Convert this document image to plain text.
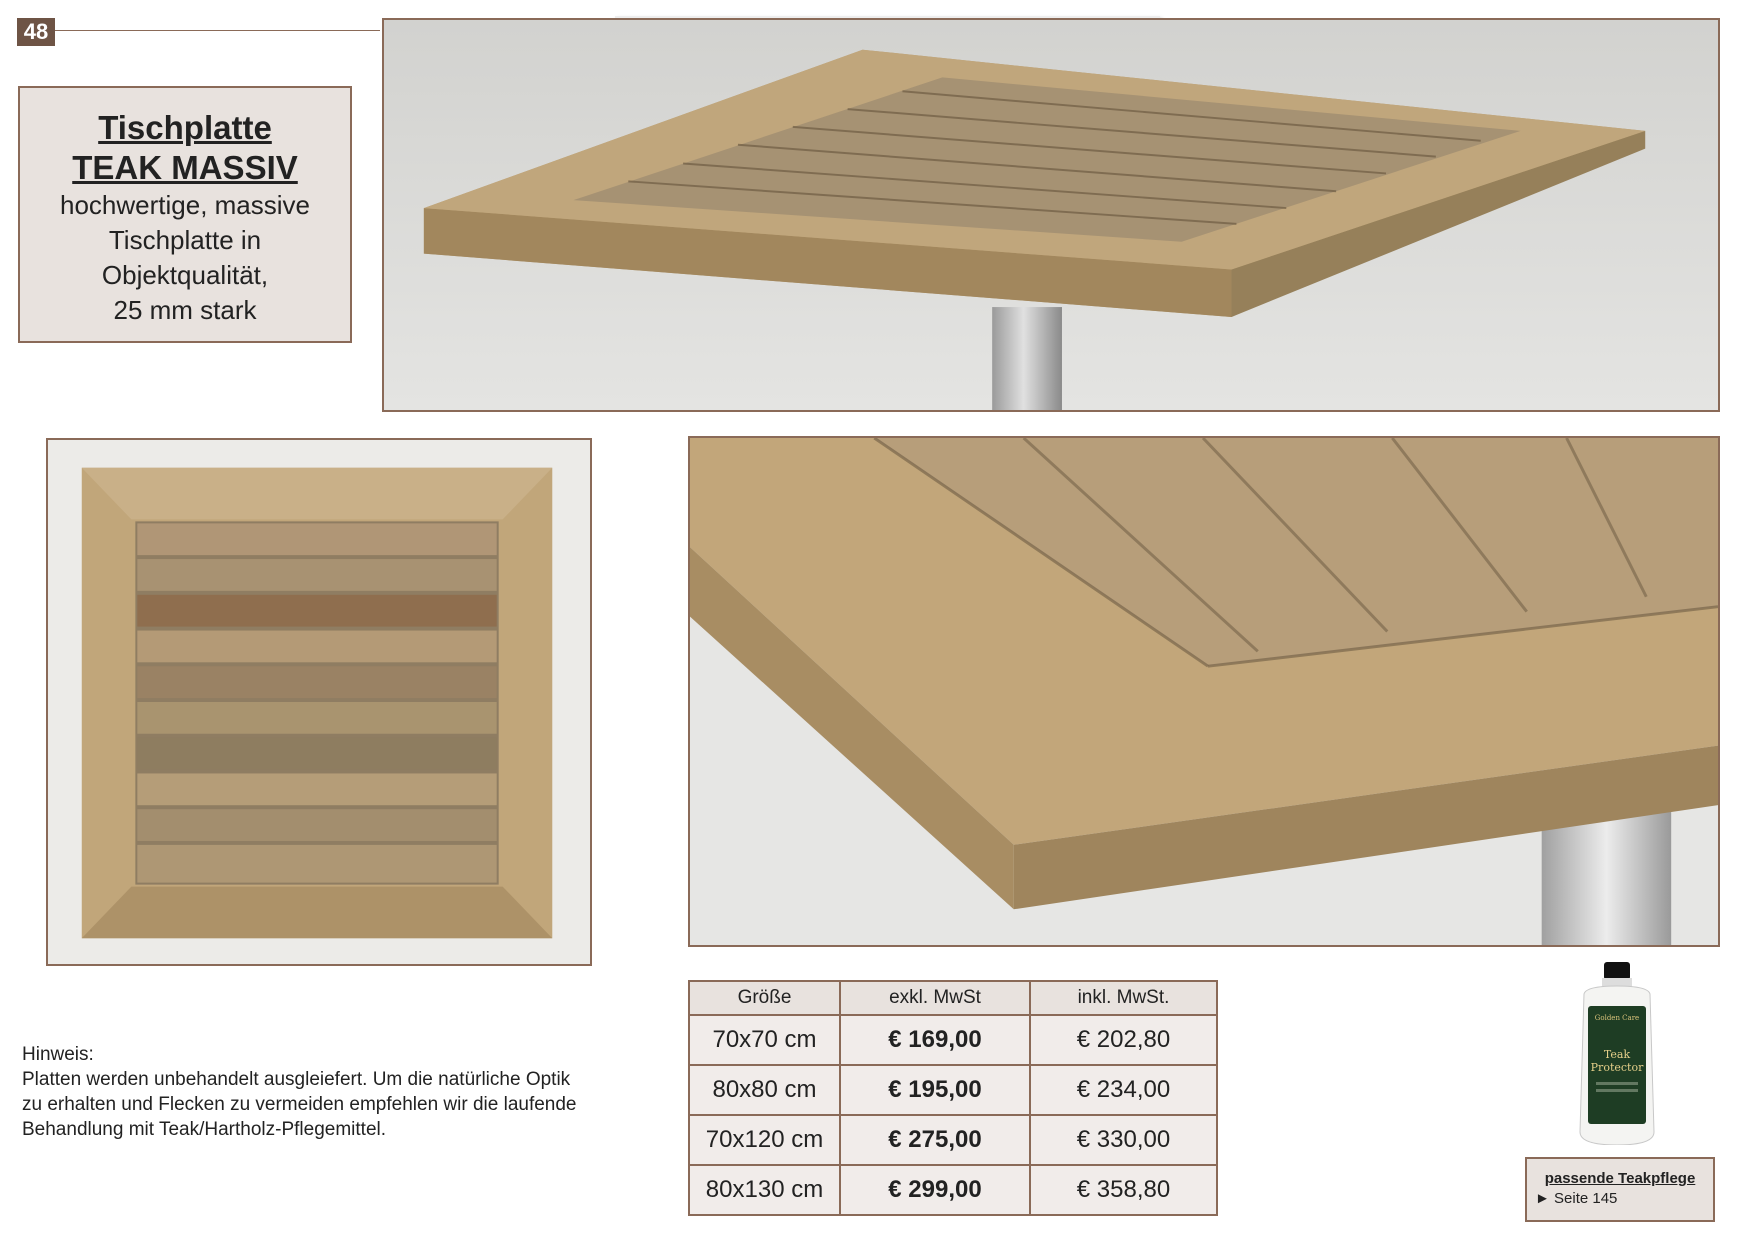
48
Tischplatte
TEAK MASSIV
hochwertige, massive
Tischplatte in
Objektqualität,
25 mm stark
Hinweis:
Platten werden unbehandelt ausgleiefert. Um die natürliche Optik
zu erhalten und Flecken zu vermeiden empfehlen wir die laufende
Behandlung mit Teak/Hartholz-Pflegemittel.
Größe	exkl. MwSt	inkl. MwSt.
70x70 cm	€ 169,00	€ 202,80
80x80 cm	€ 195,00	€ 234,00
70x120 cm	€ 275,00	€ 330,00
80x130 cm	€ 299,00	€ 358,80
Golden Care
Teak
Protector
passende Teakpflege
► Seite 145
